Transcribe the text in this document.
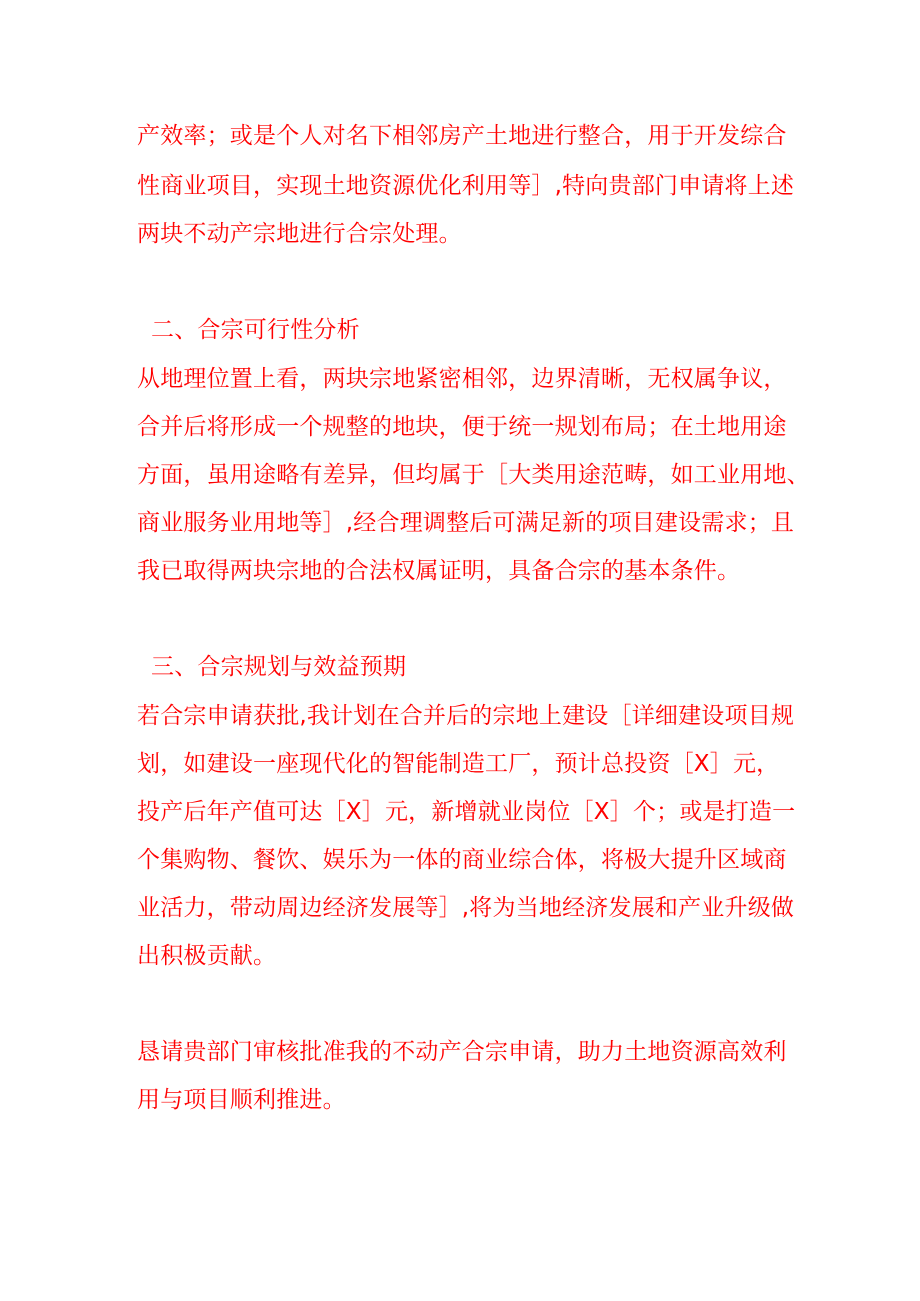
产效率；或是个人对名下相邻房产土地进行整合，用于开发综合
性商业项目，实现土地资源优化利用等］,特向贵部门申请将上述
两块不动产宗地进行合宗处理。
二、合宗可行性分析
从地理位置上看，两块宗地紧密相邻，边界清晰，无权属争议，
合并后将形成一个规整的地块，便于统一规划布局；在土地用途
方面，虽用途略有差异，但均属于［大类用途范畴，如工业用地、
商业服务业用地等］,经合理调整后可满足新的项目建设需求；且
我已取得两块宗地的合法权属证明，具备合宗的基本条件。
三、合宗规划与效益预期
若合宗申请获批,我计划在合并后的宗地上建设［详细建设项目规
划，如建设一座现代化的智能制造工厂，预计总投资［X］元，
投产后年产值可达［X］元，新增就业岗位［X］个；或是打造一
个集购物、餐饮、娱乐为一体的商业综合体，将极大提升区域商
业活力，带动周边经济发展等］,将为当地经济发展和产业升级做
出积极贡献。
恳请贵部门审核批准我的不动产合宗申请，助力土地资源高效利
用与项目顺利推进。
